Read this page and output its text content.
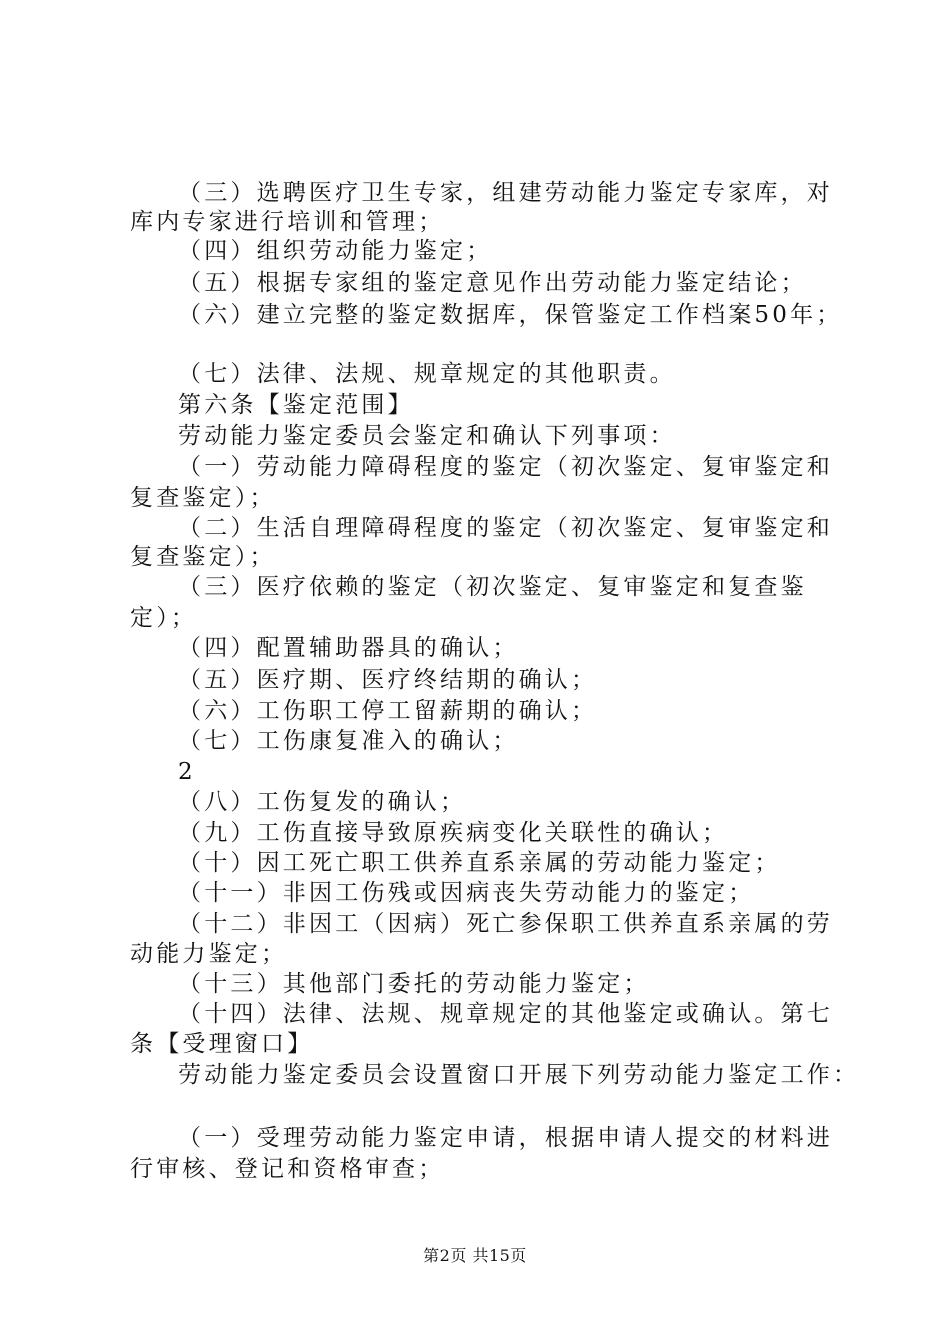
（三）选聘医疗卫生专家，组建劳动能力鉴定专家库，对
库内专家进行培训和管理；
（四）组织劳动能力鉴定；
（五）根据专家组的鉴定意见作出劳动能力鉴定结论；
（六）建立完整的鉴定数据库，保管鉴定工作档案50年；
（七）法律、法规、规章规定的其他职责。
第六条【鉴定范围】
劳动能力鉴定委员会鉴定和确认下列事项：
（一）劳动能力障碍程度的鉴定（初次鉴定、复审鉴定和
复查鉴定）；
（二）生活自理障碍程度的鉴定（初次鉴定、复审鉴定和
复查鉴定）；
（三）医疗依赖的鉴定（初次鉴定、复审鉴定和复查鉴
定）；
（四）配置辅助器具的确认；
（五）医疗期、医疗终结期的确认；
（六）工伤职工停工留薪期的确认；
（七）工伤康复准入的确认；
2
（八）工伤复发的确认；
（九）工伤直接导致原疾病变化关联性的确认；
（十）因工死亡职工供养直系亲属的劳动能力鉴定；
（十一）非因工伤残或因病丧失劳动能力的鉴定；
（十二）非因工（因病）死亡参保职工供养直系亲属的劳
动能力鉴定；
（十三）其他部门委托的劳动能力鉴定；
（十四）法律、法规、规章规定的其他鉴定或确认。第七
条【受理窗口】
劳动能力鉴定委员会设置窗口开展下列劳动能力鉴定工作：
（一）受理劳动能力鉴定申请，根据申请人提交的材料进
行审核、登记和资格审查；
第2页 共15页
